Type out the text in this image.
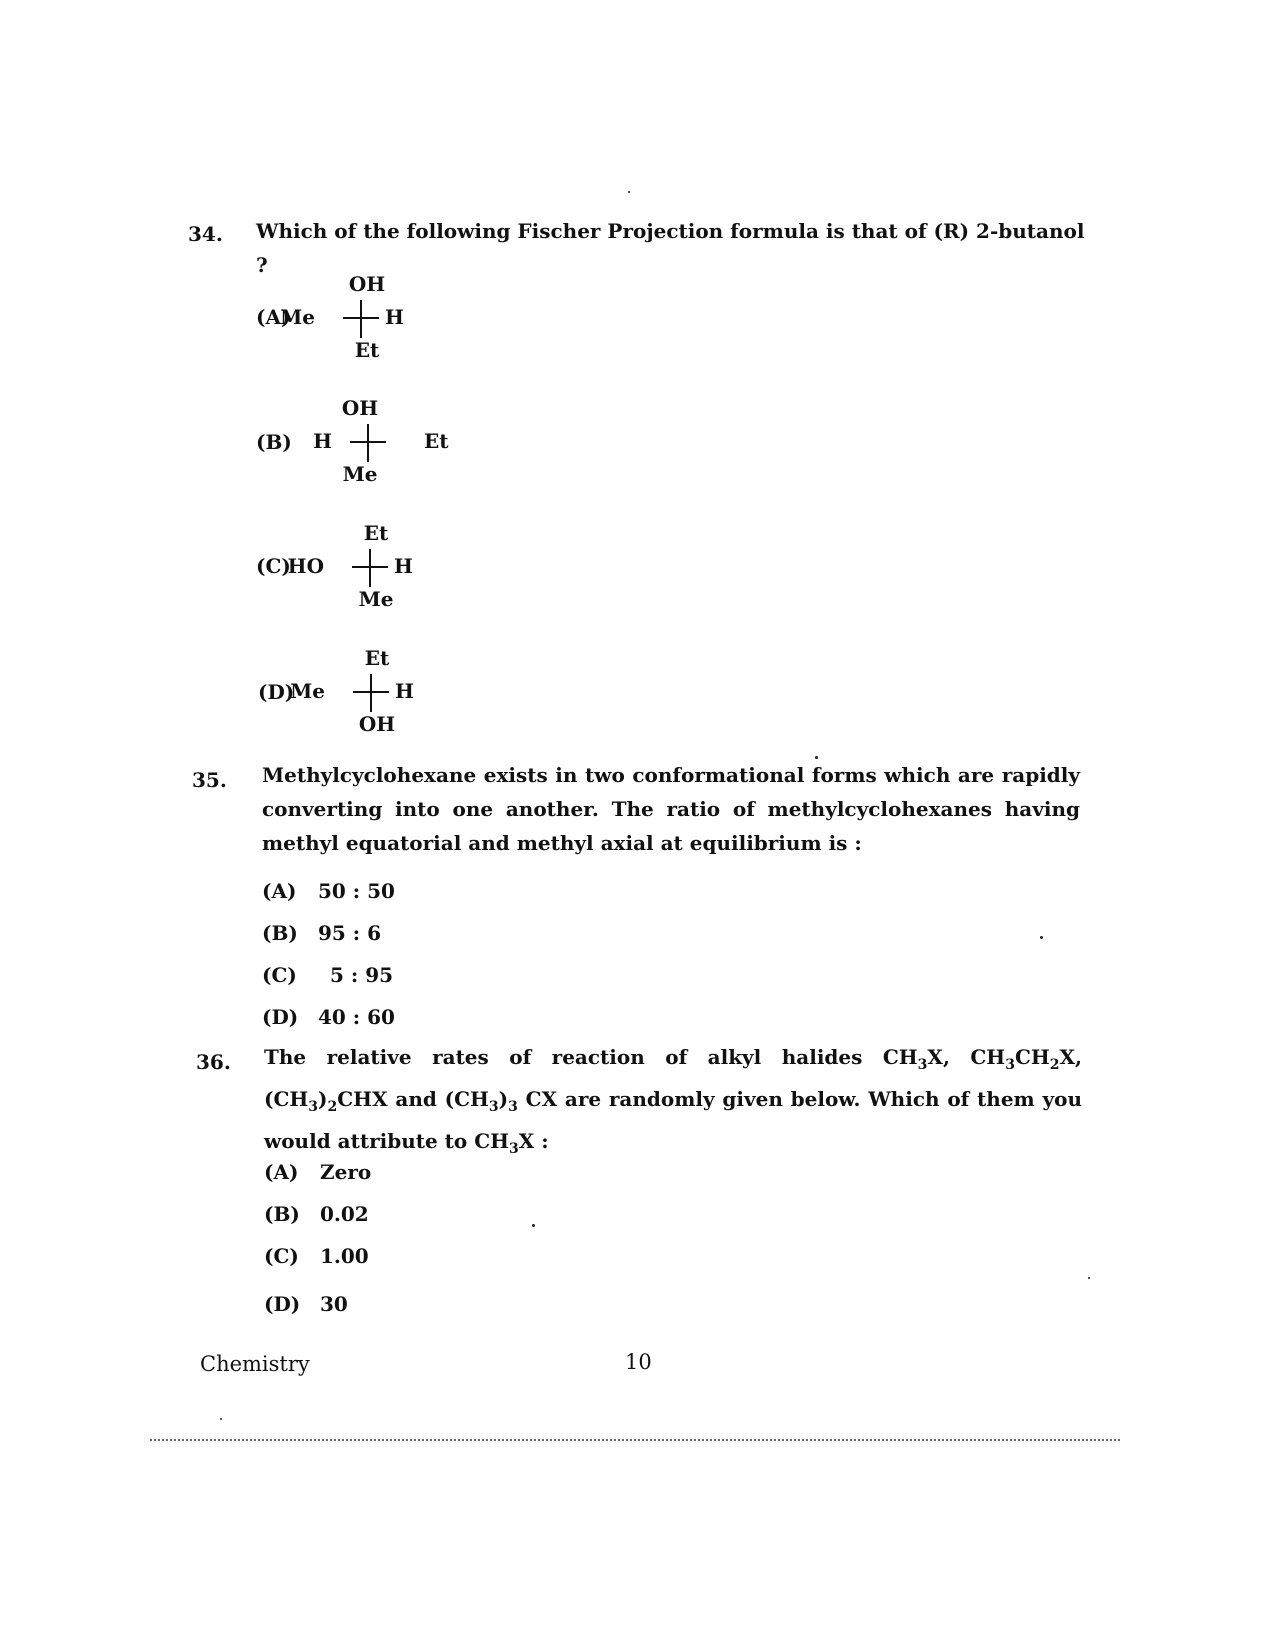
34. Which of the following Fischer Projection formula is that of (R) 2-butanol ?
(A)
OH
Me	H
Et
(B)
OH
H	Et
Me
(C)
Et
HO	H
Me
(D)
Et
Me	H
OH
35. Methylcyclohexane exists in two conformational forms which are rapidly converting into one another. The ratio of methylcyclohexanes having methyl equatorial and methyl axial at equilibrium is :
(A) 50 : 50
(B) 95 : 6
(C) 5 : 95
(D) 40 : 60
36. The relative rates of reaction of alkyl halides $CH_3X$, $CH_3CH_2X$, $(CH_3)_2CHX$ and $(CH_3)_3$ CX are randomly given below. Which of them you would attribute to $CH_3X$ :
(A) Zero
(B) 0.02
(C) 1.00
(D) 30
Chemistry	10
